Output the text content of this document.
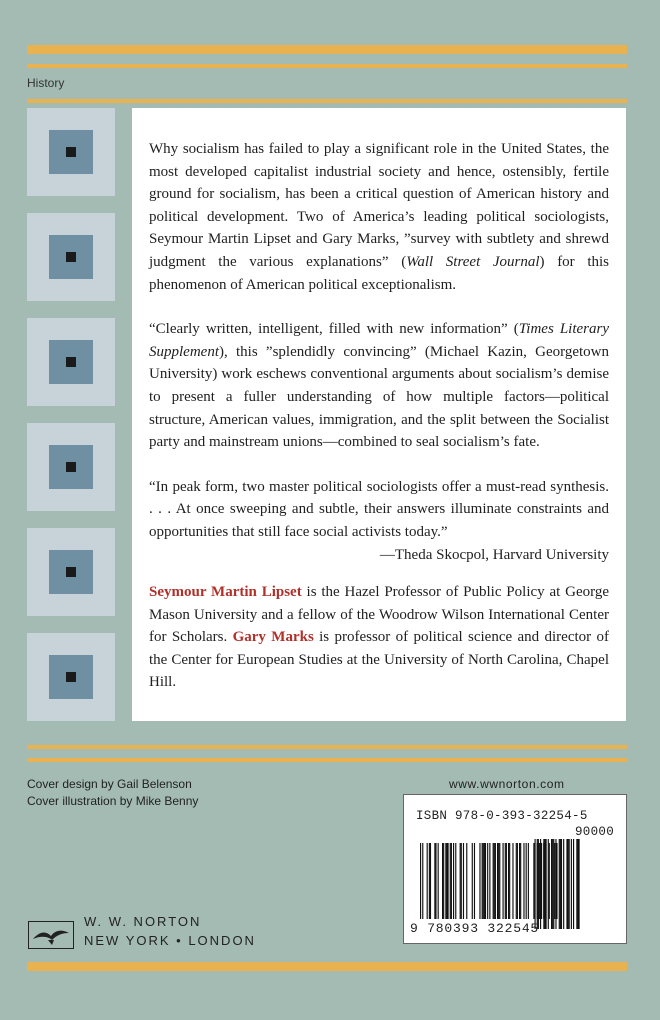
History

Why socialism has failed to play a significant role in the United States, the most developed capitalist industrial society and hence, ostensibly, fertile ground for socialism, has been a critical question of American history and political development. Two of America’s leading political sociologists, Seymour Martin Lipset and Gary Marks, ”survey with subtlety and shrewd judgment the various explanations” (Wall Street Journal) for this phenomenon of American political exceptionalism.

“Clearly written, intelligent, filled with new information” (Times Literary Supplement), this ”splendidly convincing” (Michael Kazin, Georgetown University) work eschews conventional arguments about socialism’s demise to present a fuller understanding of how multiple factors—political structure, American values, immigration, and the split between the Socialist party and mainstream unions—combined to seal socialism’s fate.

“In peak form, two master political sociologists offer a must-read synthesis. . . . At once sweeping and subtle, their answers illuminate constraints and opportunities that still face social activists today.”
—Theda Skocpol, Harvard University

Seymour Martin Lipset is the Hazel Professor of Public Policy at George Mason University and a fellow of the Woodrow Wilson International Center for Scholars. Gary Marks is professor of political science and director of the Center for European Studies at the University of North Carolina, Chapel Hill.

Cover design by Gail Belenson
Cover illustration by Mike Benny
www.wwnorton.com
ISBN 978-0-393-32254-5
90000
9 780393 322545
W. W. NORTON
NEW YORK • LONDON
